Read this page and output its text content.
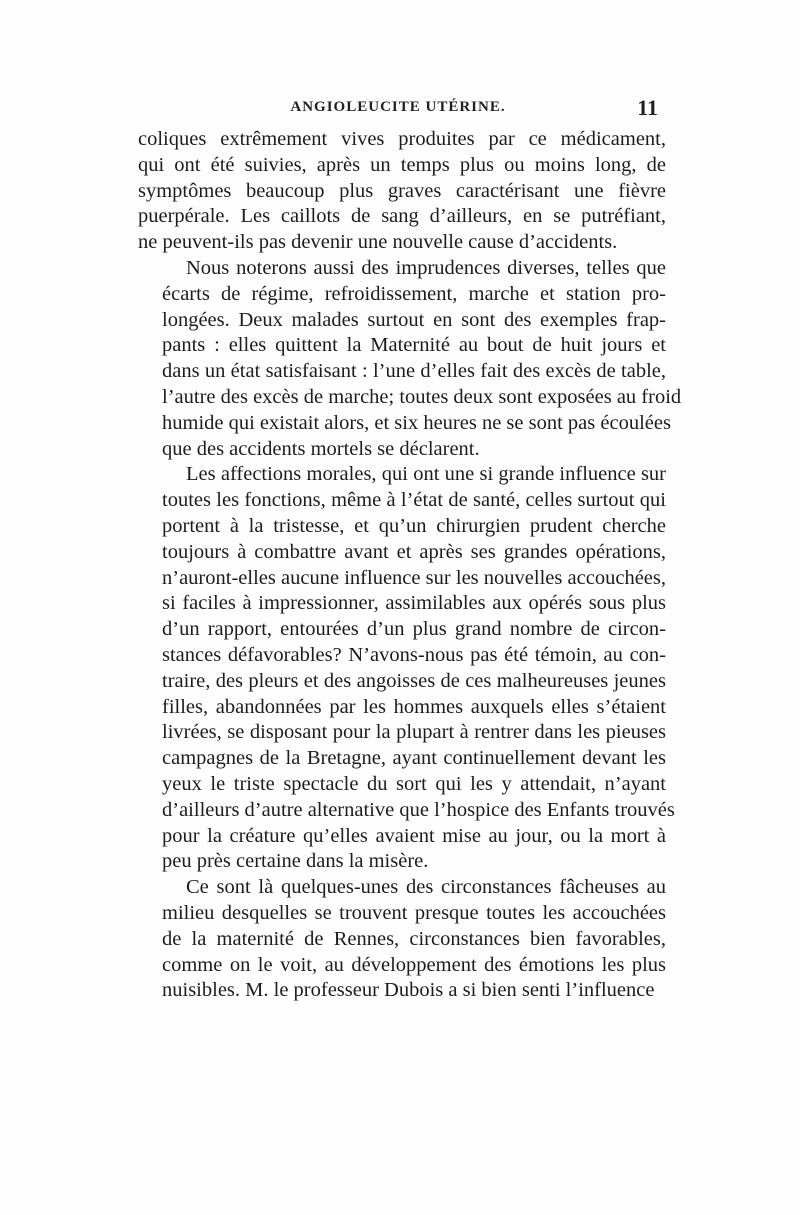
ANGIOLEUCITE UTÉRINE.	11

coliques extrêmement vives produites par ce médicament,
qui ont été suivies, après un temps plus ou moins long, de
symptômes beaucoup plus graves caractérisant une fièvre
puerpérale. Les caillots de sang d’ailleurs, en se putréfiant,
ne peuvent-ils pas devenir une nouvelle cause d’accidents.

Nous noterons aussi des imprudences diverses, telles que
écarts de régime, refroidissement, marche et station pro-
longées. Deux malades surtout en sont des exemples frap-
pants : elles quittent la Maternité au bout de huit jours et
dans un état satisfaisant : l’une d’elles fait des excès de table,
l’autre des excès de marche; toutes deux sont exposées au froid
humide qui existait alors, et six heures ne se sont pas écoulées
que des accidents mortels se déclarent.

Les affections morales, qui ont une si grande influence sur
toutes les fonctions, même à l’état de santé, celles surtout qui
portent à la tristesse, et qu’un chirurgien prudent cherche
toujours à combattre avant et après ses grandes opérations,
n’auront-elles aucune influence sur les nouvelles accouchées,
si faciles à impressionner, assimilables aux opérés sous plus
d’un rapport, entourées d’un plus grand nombre de circon-
stances défavorables? N’avons-nous pas été témoin, au con-
traire, des pleurs et des angoisses de ces malheureuses jeunes
filles, abandonnées par les hommes auxquels elles s’étaient
livrées, se disposant pour la plupart à rentrer dans les pieuses
campagnes de la Bretagne, ayant continuellement devant les
yeux le triste spectacle du sort qui les y attendait, n’ayant
d’ailleurs d’autre alternative que l’hospice des Enfants trouvés
pour la créature qu’elles avaient mise au jour, ou la mort à
peu près certaine dans la misère.

Ce sont là quelques-unes des circonstances fâcheuses au
milieu desquelles se trouvent presque toutes les accouchées
de la maternité de Rennes, circonstances bien favorables,
comme on le voit, au développement des émotions les plus
nuisibles. M. le professeur Dubois a si bien senti l’influence
